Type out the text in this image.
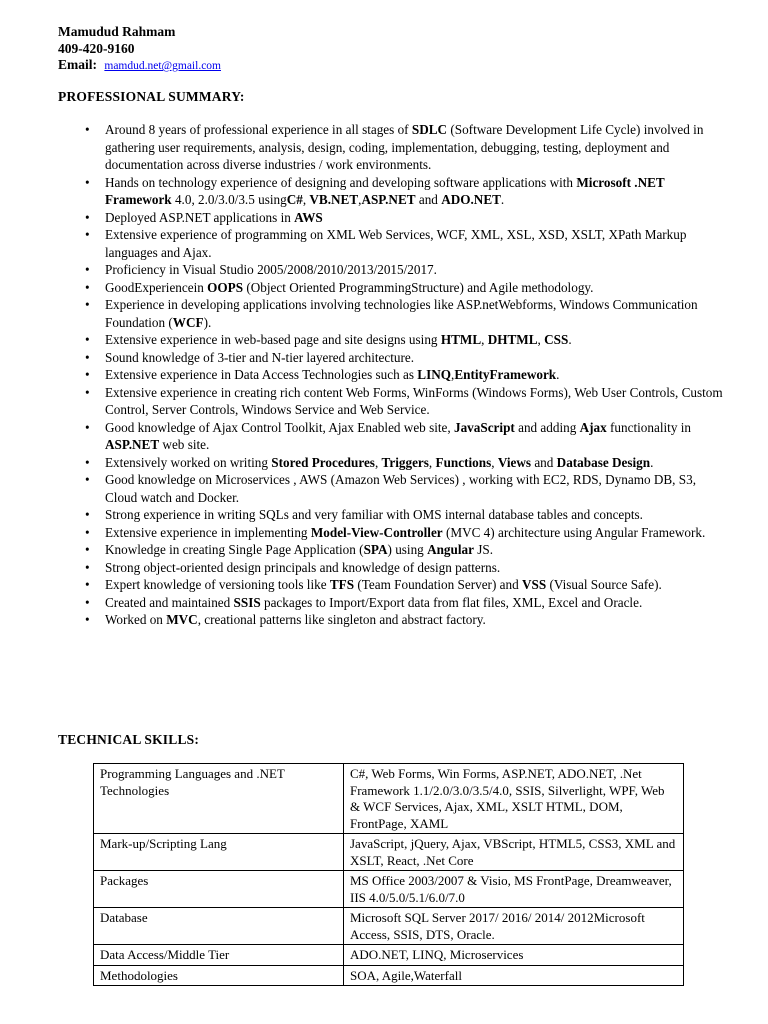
Mamudud Rahmam
409-420-9160
Email: mamdud.net@gmail.com
PROFESSIONAL SUMMARY:
• Around 8 years of professional experience in all stages of SDLC (Software Development Life Cycle) involved in gathering user requirements, analysis, design, coding, implementation, debugging, testing, deployment and documentation across diverse industries / work environments.
• Hands on technology experience of designing and developing software applications with Microsoft .NET Framework 4.0, 2.0/3.0/3.5 usingC#, VB.NET,ASP.NET and ADO.NET.
• Deployed ASP.NET applications in AWS
• Extensive experience of programming on XML Web Services, WCF, XML, XSL, XSD, XSLT, XPath Markup languages and Ajax.
• Proficiency in Visual Studio 2005/2008/2010/2013/2015/2017.
• GoodExperiencein OOPS (Object Oriented ProgrammingStructure) and Agile methodology.
• Experience in developing applications involving technologies like ASP.netWebforms, Windows Communication Foundation (WCF).
• Extensive experience in web-based page and site designs using HTML, DHTML, CSS.
• Sound knowledge of 3-tier and N-tier layered architecture.
• Extensive experience in Data Access Technologies such as LINQ,EntityFramework.
• Extensive experience in creating rich content Web Forms, WinForms (Windows Forms), Web User Controls, Custom Control, Server Controls, Windows Service and Web Service.
• Good knowledge of Ajax Control Toolkit, Ajax Enabled web site, JavaScript and adding Ajax functionality in ASP.NET web site.
• Extensively worked on writing Stored Procedures, Triggers, Functions, Views and Database Design.
• Good knowledge on Microservices , AWS (Amazon Web Services) , working with EC2, RDS, Dynamo DB, S3, Cloud watch and Docker.
• Strong experience in writing SQLs and very familiar with OMS internal database tables and concepts.
• Extensive experience in implementing Model-View-Controller (MVC 4) architecture using Angular Framework.
• Knowledge in creating Single Page Application (SPA) using Angular JS.
• Strong object-oriented design principals and knowledge of design patterns.
• Expert knowledge of versioning tools like TFS (Team Foundation Server) and VSS (Visual Source Safe).
• Created and maintained SSIS packages to Import/Export data from flat files, XML, Excel and Oracle.
• Worked on MVC, creational patterns like singleton and abstract factory.
TECHNICAL SKILLS:
Programming Languages and .NET Technologies	C#, Web Forms, Win Forms, ASP.NET, ADO.NET, .Net Framework 1.1/2.0/3.0/3.5/4.0, SSIS, Silverlight, WPF, Web & WCF Services, Ajax, XML, XSLT HTML, DOM, FrontPage, XAML
Mark-up/Scripting Lang	JavaScript, jQuery, Ajax, VBScript, HTML5, CSS3, XML and XSLT, React, .Net Core
Packages	MS Office 2003/2007 & Visio, MS FrontPage, Dreamweaver, IIS 4.0/5.0/5.1/6.0/7.0
Database	Microsoft SQL Server 2017/ 2016/ 2014/ 2012Microsoft Access, SSIS, DTS, Oracle.
Data Access/Middle Tier	ADO.NET, LINQ, Microservices
Methodologies	SOA, Agile,Waterfall
